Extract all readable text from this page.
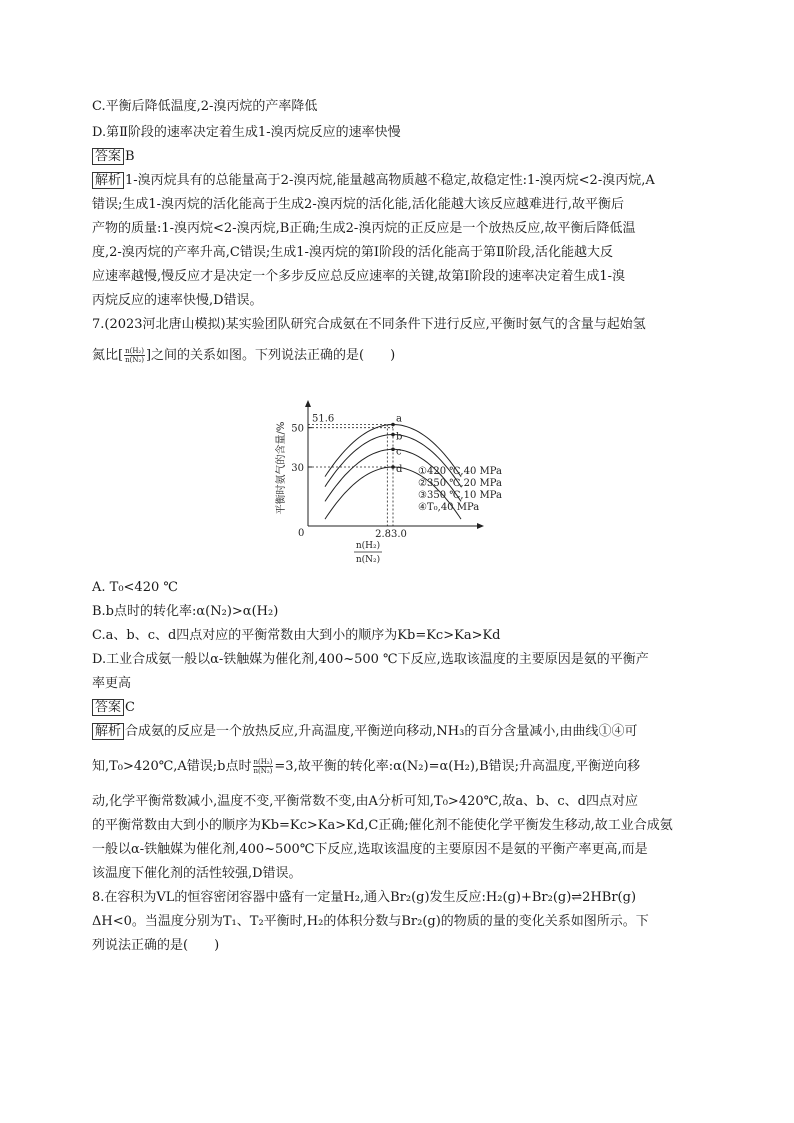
C.平衡后降低温度,2-溴丙烷的产率降低
D.第Ⅱ阶段的速率决定着生成1-溴丙烷反应的速率快慢
答案 B
解析 1-溴丙烷具有的总能量高于2-溴丙烷,能量越高物质越不稳定,故稳定性:1-溴丙烷<2-溴丙烷,A
错误;生成1-溴丙烷的活化能高于生成2-溴丙烷的活化能,活化能越大该反应越难进行,故平衡后
产物的质量:1-溴丙烷<2-溴丙烷,B正确;生成2-溴丙烷的正反应是一个放热反应,故平衡后降低温
度,2-溴丙烷的产率升高,C错误;生成1-溴丙烷的第Ⅰ阶段的活化能高于第Ⅱ阶段,活化能越大反
应速率越慢,慢反应才是决定一个多步反应总反应速率的关键,故第Ⅰ阶段的速率决定着生成1-溴
丙烷反应的速率快慢,D错误。
7.(2023河北唐山模拟)某实验团队研究合成氨在不同条件下进行反应,平衡时氨气的含量与起始氢
氮比[ $\frac{\text{n(H₂)}}{\text{n(N₂)}}$ ]之间的关系如图。下列说法正确的是(　　)
A. T₀<420 ℃
B.b点时的转化率:α(N₂)>α(H₂)
C.a、b、c、d四点对应的平衡常数由大到小的顺序为Kb=Kc>Ka>Kd
D.工业合成氨一般以α-铁触媒为催化剂,400~500 ℃下反应,选取该温度的主要原因是氨的平衡产
率更高
答案 C
解析 合成氨的反应是一个放热反应,升高温度,平衡逆向移动,NH₃的百分含量减小,由曲线①④可
知,T₀>420℃,A错误;b点时 $\frac{\text{n(H₂)}}{\text{n(N₂)}} =3$,故平衡的转化率:α(N₂)=α(H₂),B错误;升高温度,平衡逆向移
动,化学平衡常数减小,温度不变,平衡常数不变,由A分析可知,T₀>420℃,故a、b、c、d四点对应
的平衡常数由大到小的顺序为Kb=Kc>Ka>Kd,C正确;催化剂不能使化学平衡发生移动,故工业合成氨
一般以α-铁触媒为催化剂,400~500℃下反应,选取该温度的主要原因不是氨的平衡产率更高,而是
该温度下催化剂的活性较强,D错误。
8.在容积为VL的恒容密闭容器中盛有一定量H₂,通入Br₂(g)发生反应:H₂(g)+Br₂(g)⇌2HBr(g)
ΔH<0。当温度分别为T₁、T₂平衡时,H₂的体积分数与Br₂(g)的物质的量的变化关系如图所示。下
列说法正确的是(　　)
平衡时氨气的含量/%
0
30
50
2.83.0
51.6	a
b
c
d ①420 ℃,40 MPa
②350 ℃,20 MPa
③350 ℃,10 MPa
④T₀,40 MPa
n(H₂)
n(N₂)
